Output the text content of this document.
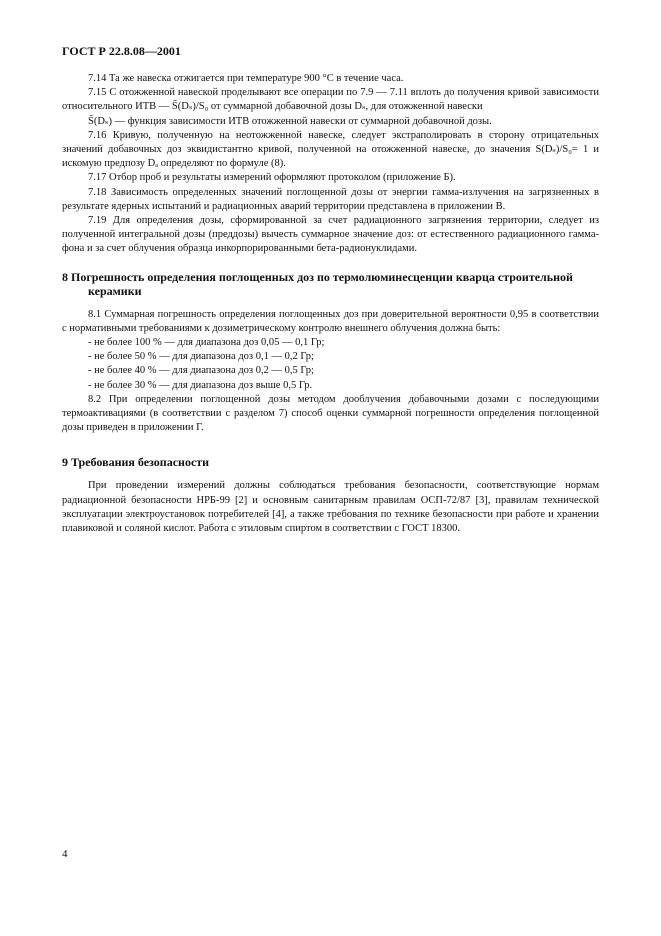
ГОСТ Р 22.8.08—2001

7.14 Та же навеска отжигается при температуре 900 °С в течение часа.

7.15 С отожженной навеской проделывают все операции по 7.9 — 7.11 вплоть до получения кривой зависимости относительного ИТВ — S̃(Dₛ)/S₀ от суммарной добавочной дозы Dₛ, для отожженной навески

S̃(Dₛ) — функция зависимости ИТВ отожженной навески от суммарной добавочной дозы.

7.16 Кривую, полученную на неотожженной навеске, следует экстраполировать в сторону отрицательных значений добавочных доз эквидистантно кривой, полученной на отожженной навеске, до значения S(Dₛ)/S₀= 1 и искомую предпозу Dₐ определяют по формуле (8).

7.17 Отбор проб и результаты измерений оформляют протоколом (приложение Б).

7.18 Зависимость определенных значений поглощенной дозы от энергии гамма-излучения на загрязненных в результате ядерных испытаний и радиационных аварий территории представлена в приложении В.

7.19 Для определения дозы, сформированной за счет радиационного загрязнения территории, следует из полученной интегральной дозы (преддозы) вычесть суммарное значение доз: от естественного радиационного гамма-фона и за счет облучения образца инкорпорированными бета-радионуклидами.

8 Погрешность определения поглощенных доз по термолюминесценции кварца строительной керамики

8.1 Суммарная погрешность определения поглощенных доз при доверительной вероятности 0,95 в соответствии с нормативными требованиями к дозиметрическому контролю внешнего облучения должна быть:

- не более 100 % — для диапазона доз 0,05 — 0,1 Гр;
- не более 50 % — для диапазона доз 0,1 — 0,2 Гр;
- не более 40 % — для диапазона доз 0,2 — 0,5 Гр;
- не более 30 % — для диапазона доз выше 0,5 Гр.

8.2 При определении поглощенной дозы методом дооблучения добавочными дозами с последующими термоактивациями (в соответствии с разделом 7) способ оценки суммарной погрешности определения поглощенной дозы приведен в приложении Г.

9 Требования безопасности

При проведении измерений должны соблюдаться требования безопасности, соответствующие нормам радиационной безопасности НРБ-99 [2] и основным санитарным правилам ОСП-72/87 [3], правилам технической эксплуатации электроустановок потребителей [4], а также требования по технике безопасности при работе и хранении плавиковой и соляной кислот. Работа с этиловым спиртом в соответствии с ГОСТ 18300.

4
